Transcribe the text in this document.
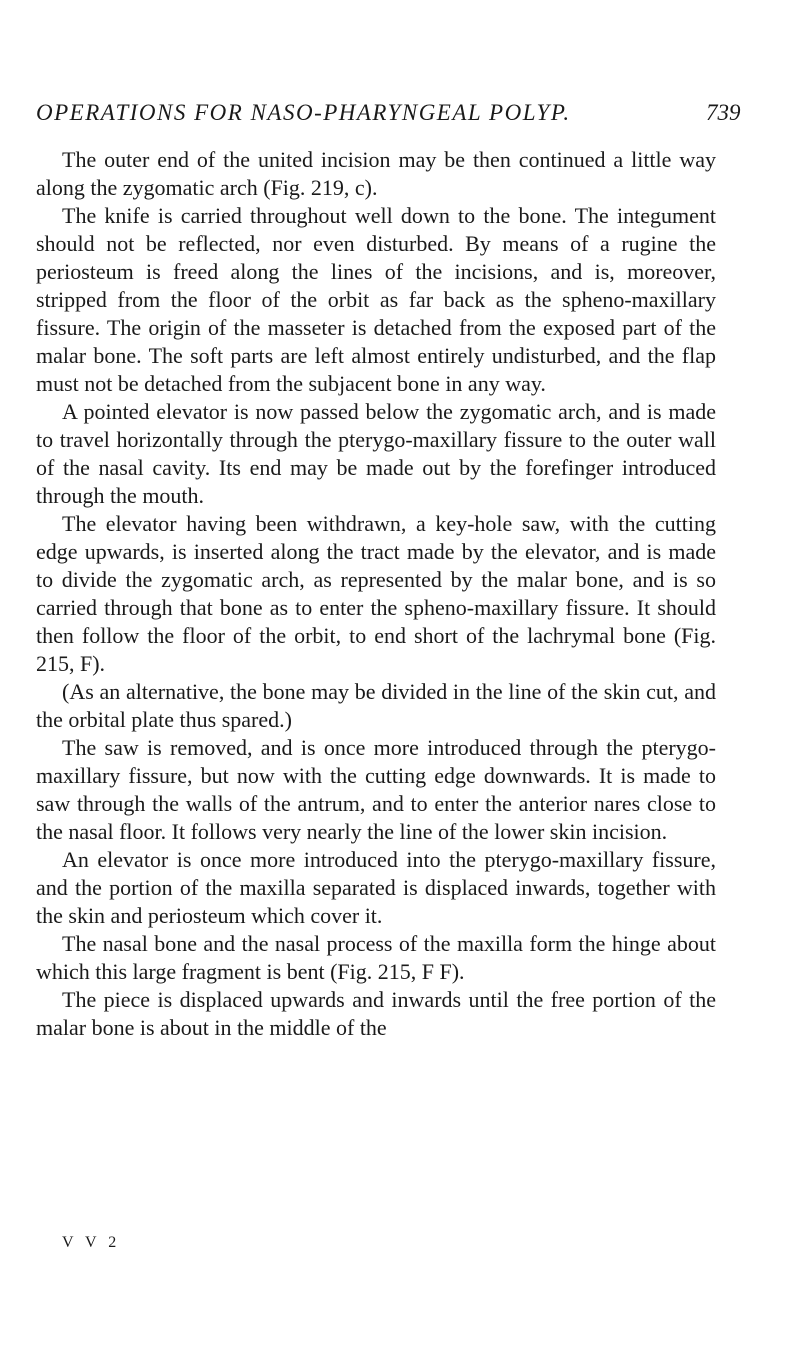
OPERATIONS FOR NASO-PHARYNGEAL POLYP.	739

The outer end of the united incision may be then continued a little way along the zygomatic arch (Fig. 219, c).

The knife is carried throughout well down to the bone. The integument should not be reflected, nor even disturbed. By means of a rugine the periosteum is freed along the lines of the incisions, and is, moreover, stripped from the floor of the orbit as far back as the spheno-maxillary fissure. The origin of the masseter is detached from the exposed part of the malar bone. The soft parts are left almost entirely undisturbed, and the flap must not be detached from the subjacent bone in any way.

A pointed elevator is now passed below the zygomatic arch, and is made to travel horizontally through the pterygo-maxillary fissure to the outer wall of the nasal cavity. Its end may be made out by the forefinger introduced through the mouth.

The elevator having been withdrawn, a key-hole saw, with the cutting edge upwards, is inserted along the tract made by the elevator, and is made to divide the zygomatic arch, as represented by the malar bone, and is so carried through that bone as to enter the spheno-maxillary fissure. It should then follow the floor of the orbit, to end short of the lachrymal bone (Fig. 215, F).

(As an alternative, the bone may be divided in the line of the skin cut, and the orbital plate thus spared.)

The saw is removed, and is once more introduced through the pterygo-maxillary fissure, but now with the cutting edge downwards. It is made to saw through the walls of the antrum, and to enter the anterior nares close to the nasal floor. It follows very nearly the line of the lower skin incision.

An elevator is once more introduced into the pterygo-maxillary fissure, and the portion of the maxilla separated is displaced inwards, together with the skin and periosteum which cover it.

The nasal bone and the nasal process of the maxilla form the hinge about which this large fragment is bent (Fig. 215, F F).

The piece is displaced upwards and inwards until the free portion of the malar bone is about in the middle of the

V V 2
